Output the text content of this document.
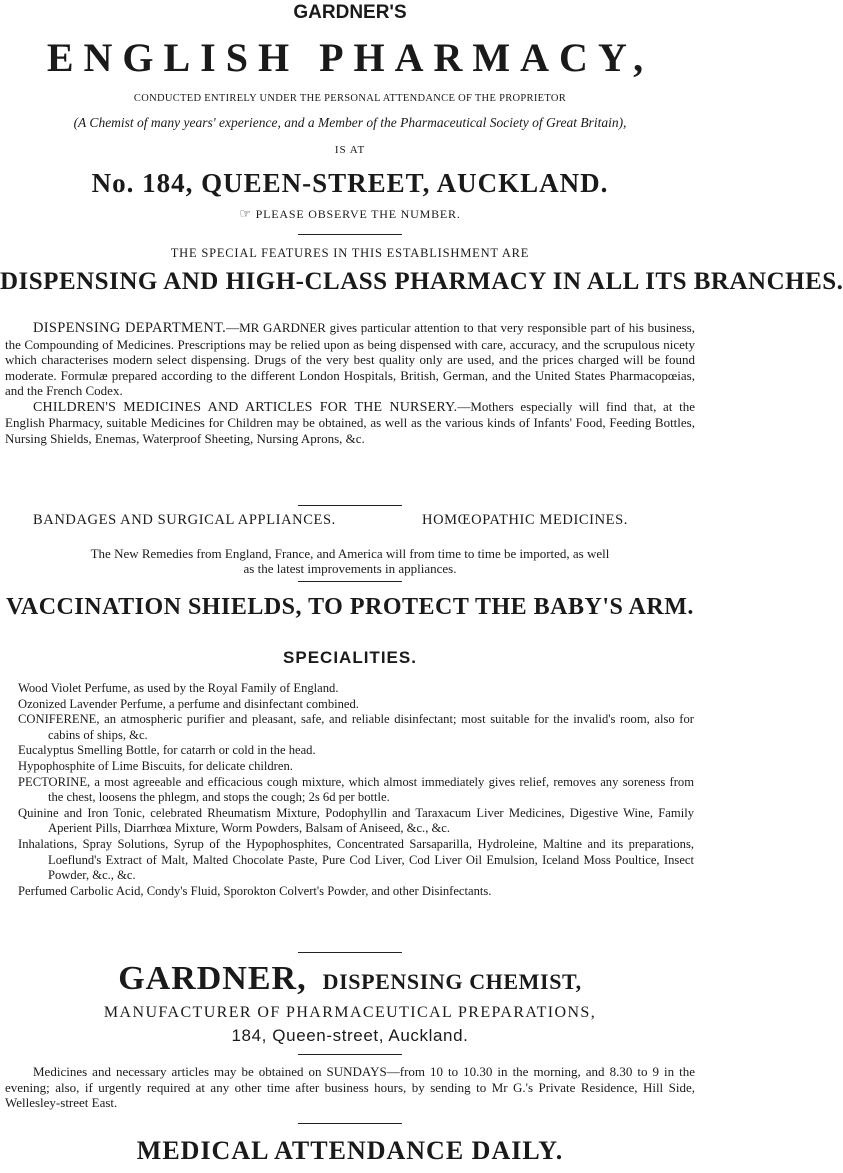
GARDNER'S
ENGLISH PHARMACY,
CONDUCTED ENTIRELY UNDER THE PERSONAL ATTENDANCE OF THE PROPRIETOR
(A Chemist of many years' experience, and a Member of the Pharmaceutical Society of Great Britain),
IS AT
No. 184, QUEEN-STREET, AUCKLAND.
☞ PLEASE OBSERVE THE NUMBER.
THE SPECIAL FEATURES IN THIS ESTABLISHMENT ARE
DISPENSING AND HIGH-CLASS PHARMACY IN ALL ITS BRANCHES.

DISPENSING DEPARTMENT.—MR GARDNER gives particular attention to that very responsible part of his business, the Compounding of Medicines. Prescriptions may be relied upon as being dispensed with care, accuracy, and the scrupulous nicety which characterises modern select dispensing. Drugs of the very best quality only are used, and the prices charged will be found moderate. Formulæ prepared according to the different London Hospitals, British, German, and the United States Pharmacopœias, and the French Codex.

CHILDREN'S MEDICINES AND ARTICLES FOR THE NURSERY.—Mothers especially will find that, at the English Pharmacy, suitable Medicines for Children may be obtained, as well as the various kinds of Infants' Food, Feeding Bottles, Nursing Shields, Enemas, Waterproof Sheeting, Nursing Aprons, &c.

BANDAGES AND SURGICAL APPLIANCES.	HOMŒOPATHIC MEDICINES.
The New Remedies from England, France, and America will from time to time be imported, as well
as the latest improvements in appliances.
VACCINATION SHIELDS, TO PROTECT THE BABY'S ARM.
SPECIALITIES.
Wood Violet Perfume, as used by the Royal Family of England.
Ozonized Lavender Perfume, a perfume and disinfectant combined.
CONIFERENE, an atmospheric purifier and pleasant, safe, and reliable disinfectant; most suitable for the invalid's room, also for cabins of ships, &c.
Eucalyptus Smelling Bottle, for catarrh or cold in the head.
Hypophosphite of Lime Biscuits, for delicate children.
PECTORINE, a most agreeable and efficacious cough mixture, which almost immediately gives relief, removes any soreness from the chest, loosens the phlegm, and stops the cough; 2s 6d per bottle.
Quinine and Iron Tonic, celebrated Rheumatism Mixture, Podophyllin and Taraxacum Liver Medicines, Digestive Wine, Family Aperient Pills, Diarrhœa Mixture, Worm Powders, Balsam of Aniseed, &c., &c.
Inhalations, Spray Solutions, Syrup of the Hypophosphites, Concentrated Sarsaparilla, Hydroleine, Maltine and its preparations, Loeflund's Extract of Malt, Malted Chocolate Paste, Pure Cod Liver, Cod Liver Oil Emulsion, Iceland Moss Poultice, Insect Powder, &c., &c.
Perfumed Carbolic Acid, Condy's Fluid, Sporokton Colvert's Powder, and other Disinfectants.
GARDNER, DISPENSING CHEMIST,
MANUFACTURER OF PHARMACEUTICAL PREPARATIONS,
184, Queen-street, Auckland.

Medicines and necessary articles may be obtained on SUNDAYS—from 10 to 10.30 in the morning, and 8.30 to 9 in the evening; also, if urgently required at any other time after business hours, by sending to Mr G.'s Private Residence, Hill Side, Wellesley-street East.

MEDICAL ATTENDANCE DAILY.
